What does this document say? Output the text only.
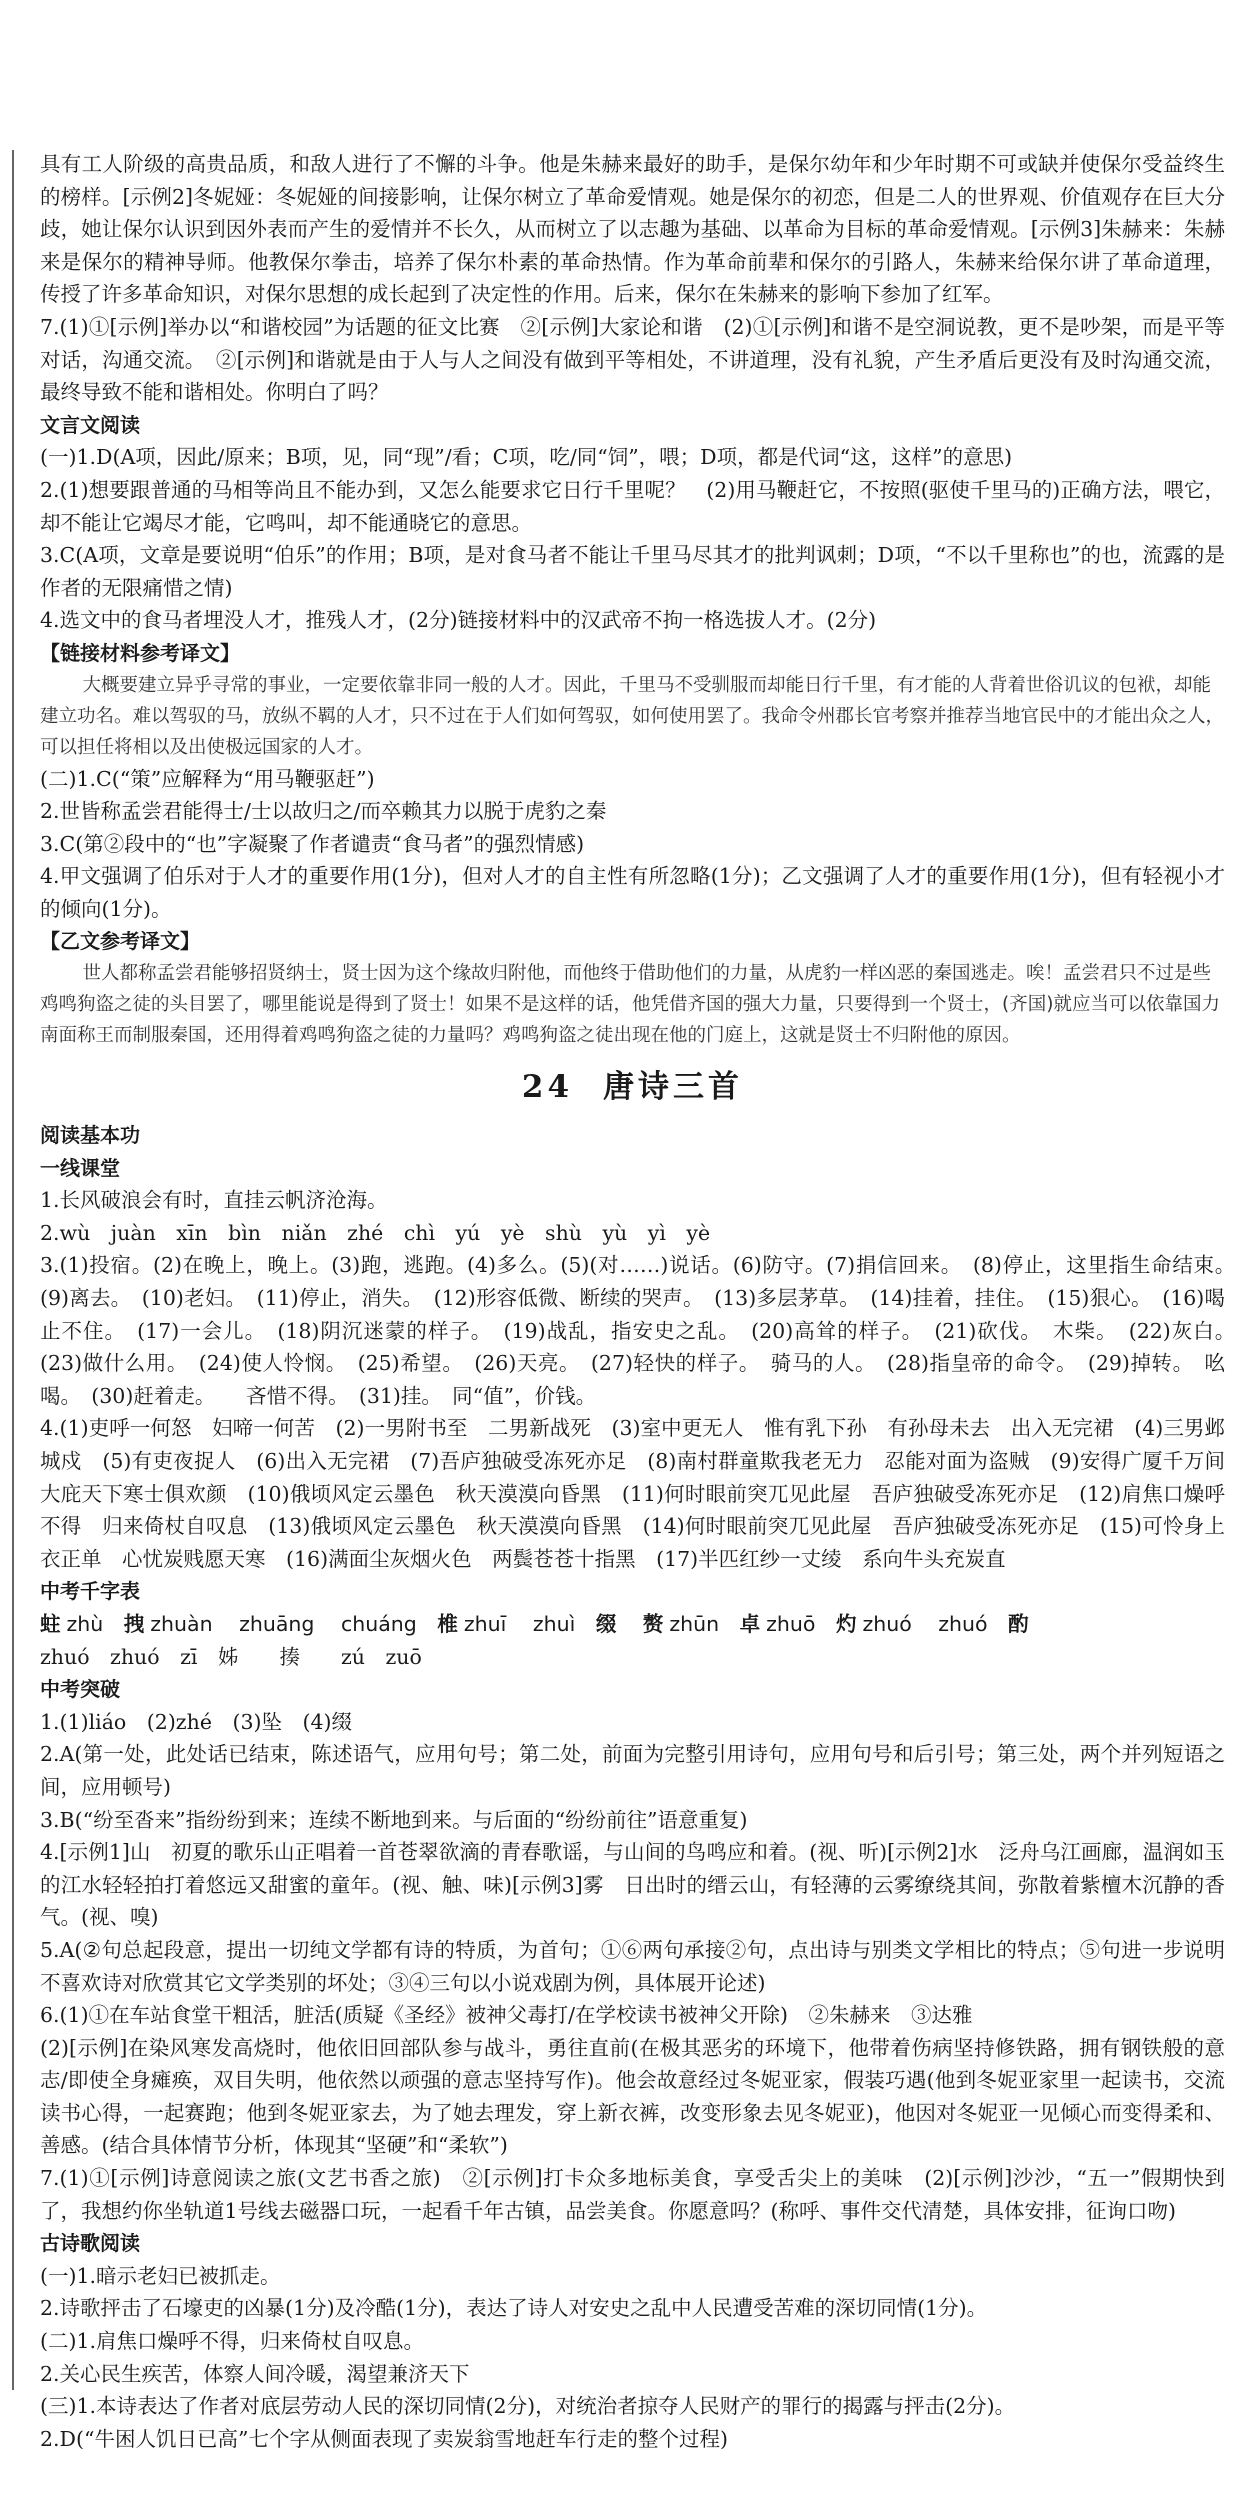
具有工人阶级的高贵品质，和敌人进行了不懈的斗争。他是朱赫来最好的助手，是保尔幼年和少年时期不可或缺并使保尔受益终生的榜样。[示例2]冬妮娅：冬妮娅的间接影响，让保尔树立了革命爱情观。她是保尔的初恋，但是二人的世界观、价值观存在巨大分歧，她让保尔认识到因外表而产生的爱情并不长久，从而树立了以志趣为基础、以革命为目标的革命爱情观。[示例3]朱赫来：朱赫来是保尔的精神导师。他教保尔拳击，培养了保尔朴素的革命热情。作为革命前辈和保尔的引路人，朱赫来给保尔讲了革命道理，传授了许多革命知识，对保尔思想的成长起到了决定性的作用。后来，保尔在朱赫来的影响下参加了红军。

7.(1)①[示例]举办以“和谐校园”为话题的征文比赛　②[示例]大家论和谐　(2)①[示例]和谐不是空洞说教，更不是吵架，而是平等对话，沟通交流。　②[示例]和谐就是由于人与人之间没有做到平等相处，不讲道理，没有礼貌，产生矛盾后更没有及时沟通交流，最终导致不能和谐相处。你明白了吗？

文言文阅读

(一)1.D(A项，因此/原来；B项，见，同“现”/看；C项，吃/同“饲”，喂；D项，都是代词“这，这样”的意思)

2.(1)想要跟普通的马相等尚且不能办到，又怎么能要求它日行千里呢？　(2)用马鞭赶它，不按照(驱使千里马的)正确方法，喂它，却不能让它竭尽才能，它鸣叫，却不能通晓它的意思。

3.C(A项，文章是要说明“伯乐”的作用；B项，是对食马者不能让千里马尽其才的批判讽刺；D项，“不以千里称也”的也，流露的是作者的无限痛惜之情)

4.选文中的食马者埋没人才，推残人才，(2分)链接材料中的汉武帝不拘一格选拔人才。(2分)

【链接材料参考译文】

大概要建立异乎寻常的事业，一定要依靠非同一般的人才。因此，千里马不受驯服而却能日行千里，有才能的人背着世俗讥议的包袱，却能建立功名。难以驾驭的马，放纵不羁的人才，只不过在于人们如何驾驭，如何使用罢了。我命令州郡长官考察并推荐当地官民中的才能出众之人，可以担任将相以及出使极远国家的人才。

(二)1.C(“策”应解释为“用马鞭驱赶”)

2.世皆称孟尝君能得士/士以故归之/而卒赖其力以脱于虎豹之秦

3.C(第②段中的“也”字凝聚了作者谴责“食马者”的强烈情感)

4.甲文强调了伯乐对于人才的重要作用(1分)，但对人才的自主性有所忽略(1分)；乙文强调了人才的重要作用(1分)，但有轻视小才的倾向(1分)。

【乙文参考译文】

世人都称孟尝君能够招贤纳士，贤士因为这个缘故归附他，而他终于借助他们的力量，从虎豹一样凶恶的秦国逃走。唉！孟尝君只不过是些鸡鸣狗盗之徒的头目罢了，哪里能说是得到了贤士！如果不是这样的话，他凭借齐国的强大力量，只要得到一个贤士，(齐国)就应当可以依靠国力南面称王而制服秦国，还用得着鸡鸣狗盗之徒的力量吗？鸡鸣狗盗之徒出现在他的门庭上，这就是贤士不归附他的原因。

24 唐诗三首

阅读基本功

一线课堂

1.长风破浪会有时，直挂云帆济沧海。

2.wù　juàn　xīn　bìn　niǎn　zhé　chì　yú　yè　shù　yù　yì　yè

3.(1)投宿。(2)在晚上，晚上。(3)跑，逃跑。(4)多么。(5)(对……)说话。(6)防守。(7)捐信回来。　(8)停止，这里指生命结束。　(9)离去。　(10)老妇。　(11)停止，消失。　(12)形容低微、断续的哭声。　(13)多层茅草。　(14)挂着，挂住。　(15)狠心。　(16)喝止不住。　(17)一会儿。　(18)阴沉迷蒙的样子。　(19)战乱，指安史之乱。　(20)高耸的样子。　(21)砍伐。　木柴。　(22)灰白。　(23)做什么用。　(24)使人怜悯。　(25)希望。　(26)天亮。　(27)轻快的样子。　骑马的人。　(28)指皇帝的命令。　(29)掉转。　吆喝。　(30)赶着走。　　吝惜不得。　(31)挂。　同“值”，价钱。

4.(1)吏呼一何怒　妇啼一何苦　(2)一男附书至　二男新战死　(3)室中更无人　惟有乳下孙　有孙母未去　出入无完裙　(4)三男邺城戍　(5)有吏夜捉人　(6)出入无完裙　(7)吾庐独破受冻死亦足　(8)南村群童欺我老无力　忍能对面为盗贼　(9)安得广厦千万间　大庇天下寒士俱欢颜　(10)俄顷风定云墨色　秋天漠漠向昏黑　(11)何时眼前突兀见此屋　吾庐独破受冻死亦足　(12)肩焦口燥呼不得　归来倚杖自叹息　(13)俄顷风定云墨色　秋天漠漠向昏黑　(14)何时眼前突兀见此屋　吾庐独破受冻死亦足　(15)可怜身上衣正单　心忧炭贱愿天寒　(16)满面尘灰烟火色　两鬓苍苍十指黑　(17)半匹红纱一丈绫　系向牛头充炭直

中考千字表

蛀 zhù 拽 zhuàn zhuāng chuáng 椎 zhuī zhuì 缀 赘 zhūn 卓 zhuō 灼 zhuó zhuó 酌

zhuó　zhuó　zī　姊　　揍　　zú　zuō

中考突破

1.(1)liáo　(2)zhé　(3)坠　(4)缀

2.A(第一处，此处话已结束，陈述语气，应用句号；第二处，前面为完整引用诗句，应用句号和后引号；第三处，两个并列短语之间，应用顿号)

3.B(“纷至沓来”指纷纷到来；连续不断地到来。与后面的“纷纷前往”语意重复)

4.[示例1]山　初夏的歌乐山正唱着一首苍翠欲滴的青春歌谣，与山间的鸟鸣应和着。(视、听)[示例2]水　泛舟乌江画廊，温润如玉的江水轻轻拍打着悠远又甜蜜的童年。(视、触、味)[示例3]雾　日出时的缙云山，有轻薄的云雾缭绕其间，弥散着紫檀木沉静的香气。(视、嗅)

5.A(②句总起段意，提出一切纯文学都有诗的特质，为首句；①⑥两句承接②句，点出诗与别类文学相比的特点；⑤句进一步说明不喜欢诗对欣赏其它文学类别的坏处；③④三句以小说戏剧为例，具体展开论述)

6.(1)①在车站食堂干粗活，脏活(质疑《圣经》被神父毒打/在学校读书被神父开除)　②朱赫来　③达雅

(2)[示例]在染风寒发高烧时，他依旧回部队参与战斗，勇往直前(在极其恶劣的环境下，他带着伤病坚持修铁路，拥有钢铁般的意志/即使全身瘫痪，双目失明，他依然以顽强的意志坚持写作)。他会故意经过冬妮亚家，假装巧遇(他到冬妮亚家里一起读书，交流读书心得，一起赛跑；他到冬妮亚家去，为了她去理发，穿上新衣裤，改变形象去见冬妮亚)，他因对冬妮亚一见倾心而变得柔和、善感。(结合具体情节分析，体现其“坚硬”和“柔软”)

7.(1)①[示例]诗意阅读之旅(文艺书香之旅)　②[示例]打卡众多地标美食，享受舌尖上的美味　(2)[示例]沙沙，“五一”假期快到了，我想约你坐轨道1号线去磁器口玩，一起看千年古镇，品尝美食。你愿意吗？(称呼、事件交代清楚，具体安排，征询口吻)

古诗歌阅读

(一)1.暗示老妇已被抓走。

2.诗歌抨击了石壕吏的凶暴(1分)及冷酷(1分)，表达了诗人对安史之乱中人民遭受苦难的深切同情(1分)。

(二)1.肩焦口燥呼不得，归来倚杖自叹息。

2.关心民生疾苦，体察人间冷暖，渴望兼济天下

(三)1.本诗表达了作者对底层劳动人民的深切同情(2分)，对统治者掠夺人民财产的罪行的揭露与抨击(2分)。

2.D(“牛困人饥日已高”七个字从侧面表现了卖炭翁雪地赶车行走的整个过程)
